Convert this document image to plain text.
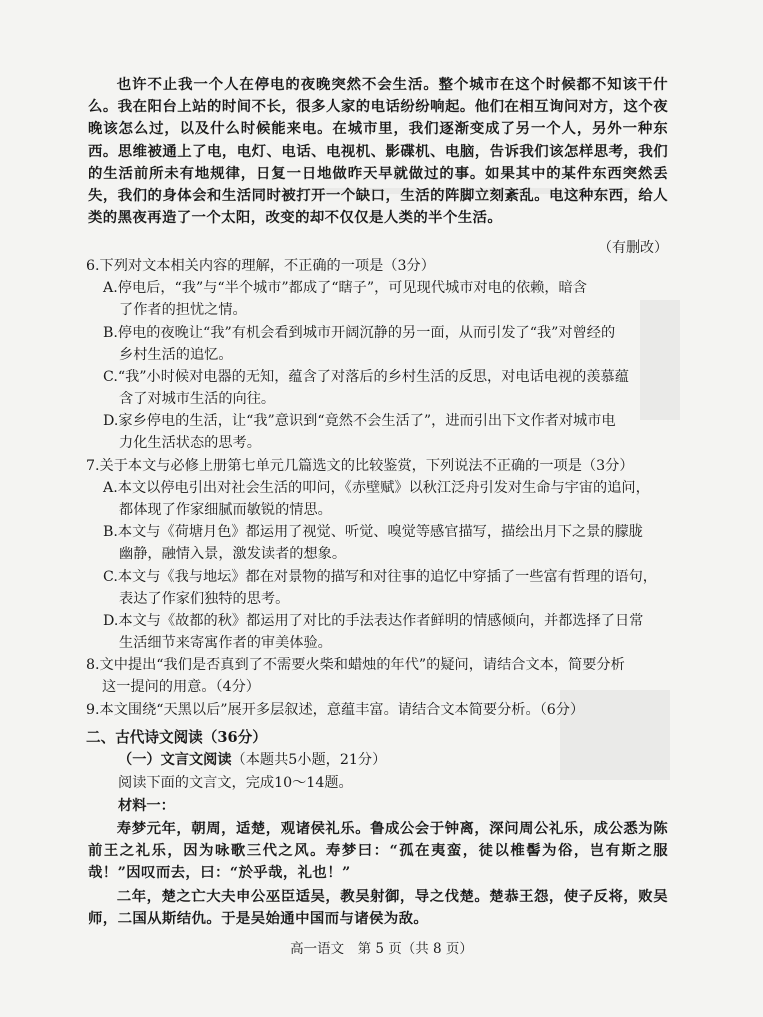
也许不止我一个人在停电的夜晚突然不会生活。整个城市在这个时候都不知该干什么。我在阳台上站的时间不长，很多人家的电话纷纷响起。他们在相互询问对方，这个夜晚该怎么过，以及什么时候能来电。在城市里，我们逐渐变成了另一个人，另外一种东西。思维被通上了电，电灯、电话、电视机、影碟机、电脑，告诉我们该怎样思考，我们的生活前所未有地规律，日复一日地做昨天早就做过的事。如果其中的某件东西突然丢失，我们的身体会和生活同时被打开一个缺口，生活的阵脚立刻紊乱。电这种东西，给人类的黑夜再造了一个太阳，改变的却不仅仅是人类的半个生活。

（有删改）

6.下列对文本相关内容的理解，不正确的一项是（3分）

A.停电后，“我”与“半个城市”都成了“瞎子”，可见现代城市对电的依赖，暗含
了作者的担忧之情。

B.停电的夜晚让“我”有机会看到城市开阔沉静的另一面，从而引发了“我”对曾经的
乡村生活的追忆。

C.“我”小时候对电器的无知，蕴含了对落后的乡村生活的反思，对电话电视的羡慕蕴
含了对城市生活的向往。

D.家乡停电的生活，让“我”意识到“竟然不会生活了”，进而引出下文作者对城市电
力化生活状态的思考。

7.关于本文与必修上册第七单元几篇选文的比较鉴赏，下列说法不正确的一项是（3分）

A.本文以停电引出对社会生活的叩问，《赤壁赋》以秋江泛舟引发对生命与宇宙的追问，
都体现了作家细腻而敏锐的情思。

B.本文与《荷塘月色》都运用了视觉、听觉、嗅觉等感官描写，描绘出月下之景的朦胧
幽静，融情入景，激发读者的想象。

C.本文与《我与地坛》都在对景物的描写和对往事的追忆中穿插了一些富有哲理的语句，
表达了作家们独特的思考。

D.本文与《故都的秋》都运用了对比的手法表达作者鲜明的情感倾向，并都选择了日常
生活细节来寄寓作者的审美体验。

8.文中提出“我们是否真到了不需要火柴和蜡烛的年代”的疑问，请结合文本，简要分析
这一提问的用意。（4分）

9.本文围绕“天黑以后”展开多层叙述，意蕴丰富。请结合文本简要分析。（6分）

二、古代诗文阅读（36分）

（一）文言文阅读（本题共5小题，21分）

阅读下面的文言文，完成10～14题。

材料一：

寿梦元年，朝周，适楚，观诸侯礼乐。鲁成公会于钟离，深问周公礼乐，成公悉为陈前王之礼乐，因为咏歌三代之风。寿梦曰：“孤在夷蛮，徒以椎髻为俗，岂有斯之服哉！”因叹而去，曰：“於乎哉，礼也！”

二年，楚之亡大夫申公巫臣适吴，教吴射御，导之伐楚。楚恭王怨，使子反将，败吴师，二国从斯结仇。于是吴始通中国而与诸侯为敌。

高一语文　第 5 页（共 8 页）
